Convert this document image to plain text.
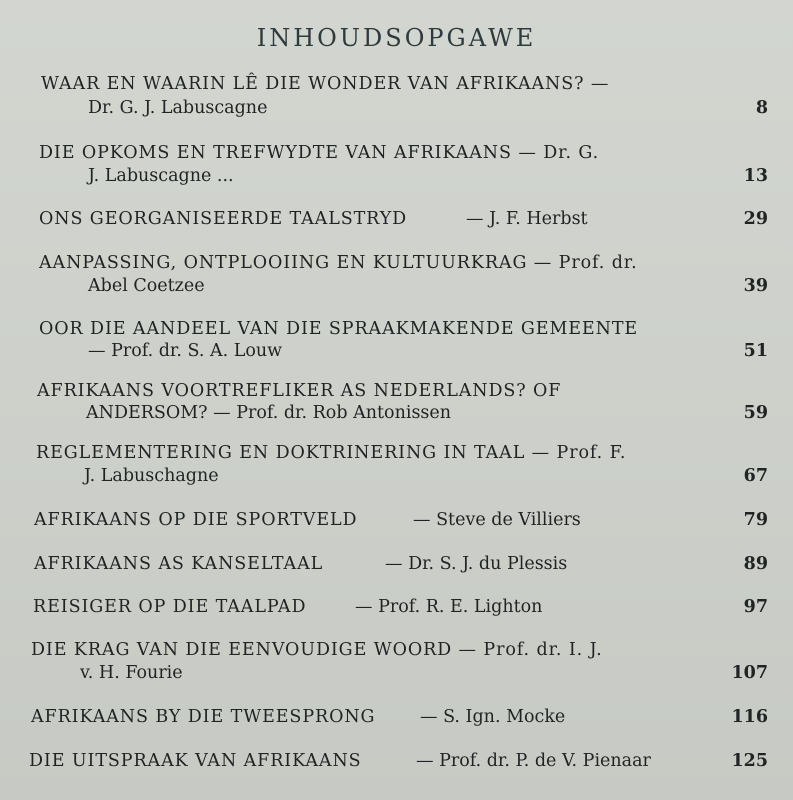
INHOUDSOPGAWE
WAAR EN WAARIN LÊ DIE WONDER VAN AFRIKAANS? —
Dr. G. J. Labuscagne	8
DIE OPKOMS EN TREFWYDTE VAN AFRIKAANS — Dr. G.
J. Labuscagne ...	13
ONS GEORGANISEERDE TAALSTRYD	— J. F. Herbst	29
AANPASSING, ONTPLOOIING EN KULTUURKRAG — Prof. dr.
Abel Coetzee	39
OOR DIE AANDEEL VAN DIE SPRAAKMAKENDE GEMEENTE
— Prof. dr. S. A. Louw	51
AFRIKAANS VOORTREFLIKER AS NEDERLANDS? OF
ANDERSOM? — Prof. dr. Rob Antonissen	59
REGLEMENTERING EN DOKTRINERING IN TAAL — Prof. F.
J. Labuschagne	67
AFRIKAANS OP DIE SPORTVELD	— Steve de Villiers	79
AFRIKAANS AS KANSELTAAL	— Dr. S. J. du Plessis	89
REISIGER OP DIE TAALPAD	— Prof. R. E. Lighton	97
DIE KRAG VAN DIE EENVOUDIGE WOORD — Prof. dr. I. J.
v. H. Fourie	107
AFRIKAANS BY DIE TWEESPRONG	— S. Ign. Mocke	116
DIE UITSPRAAK VAN AFRIKAANS	— Prof. dr. P. de V. Pienaar	125
